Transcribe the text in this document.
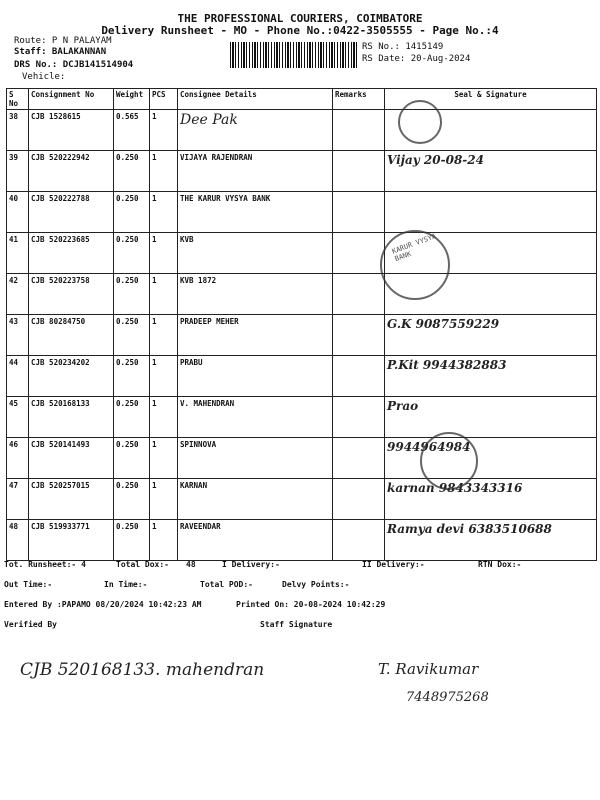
THE PROFESSIONAL COURIERS, COIMBATORE
Delivery Runsheet - MO - Phone No.:0422-3505555 - Page No.:4
Route: P N PALAYAM
Staff: BALAKANNAN
DRS No.: DCJB141514904
Vehicle:
RS No.: 1415149
RS Date: 20-Aug-2024
S No	Consignment No	Weight	PCS	Consignee Details	Remarks	Seal & Signature
38	CJB 1528615	0.565	1	Dee Pak		
39	CJB 520222942	0.250	1	VIJAYA RAJENDRAN		Vijay 20-08-24
40	CJB 520222788	0.250	1	THE KARUR VYSYA BANK		
41	CJB 520223685	0.250	1	KVB		
42	CJB 520223758	0.250	1	KVB 1872		
43	CJB 80284750	0.250	1	PRADEEP MEHER		G.K 9087559229
44	CJB 520234202	0.250	1	PRABU		P.Kit 9944382883
45	CJB 520168133	0.250	1	V. MAHENDRAN		Prao
46	CJB 520141493	0.250	1	SPINNOVA		9944964984
47	CJB 520257015	0.250	1	KARNAN		karnan 9843343316
48	CJB 519933771	0.250	1	RAVEENDAR		Ramya devi 6383510688
KARUR VYSYA BANK
Tot. Runsheet:- 4	Total Dox:- 48	I Delivery:-	II Delivery:-	RTN Dox:-
Out Time:-	In Time:-	Total POD:-	Delvy Points:-
Entered By :PAPAMO 08/20/2024 10:42:23 AM	Printed On: 20-08-2024 10:42:29
Verified By	Staff Signature
CJB 520168133. mahendran	T. Ravikumar
7448975268
